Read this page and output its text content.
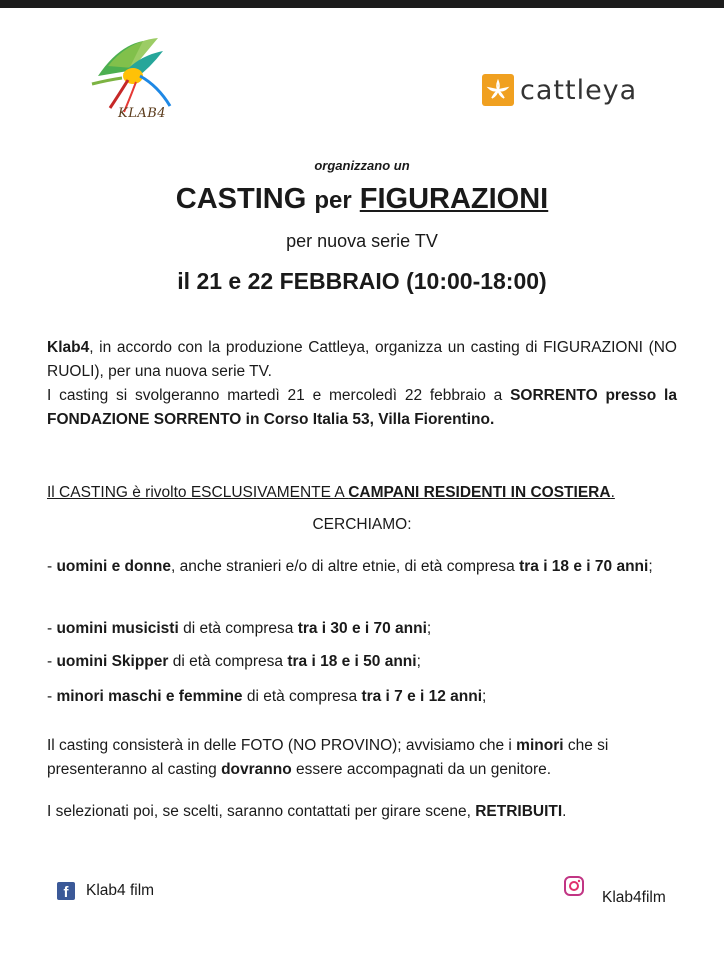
KLAB4
cattleya
organizzano un
CASTING per FIGURAZIONI
per nuova serie TV
il 21 e 22 FEBBRAIO (10:00-18:00)
Klab4, in accordo con la produzione Cattleya, organizza un casting di FIGURAZIONI (NO RUOLI), per una nuova serie TV.
I casting si svolgeranno martedì 21 e mercoledì 22 febbraio a SORRENTO presso la FONDAZIONE SORRENTO in Corso Italia 53, Villa Fiorentino.
Il CASTING è rivolto ESCLUSIVAMENTE A CAMPANI RESIDENTI IN COSTIERA.
CERCHIAMO:
- uomini e donne, anche stranieri e/o di altre etnie, di età compresa tra i 18 e i 70 anni;
- uomini musicisti di età compresa tra i 30 e i 70 anni;
- uomini Skipper di età compresa tra i 18 e i 50 anni;
- minori maschi e femmine di età compresa tra i 7 e i 12 anni;
Il casting consisterà in delle FOTO (NO PROVINO); avvisiamo che i minori che si presenteranno al casting dovranno essere accompagnati da un genitore.
I selezionati poi, se scelti, saranno contattati per girare scene, RETRIBUITI.
f	Klab4 film	Klab4film
